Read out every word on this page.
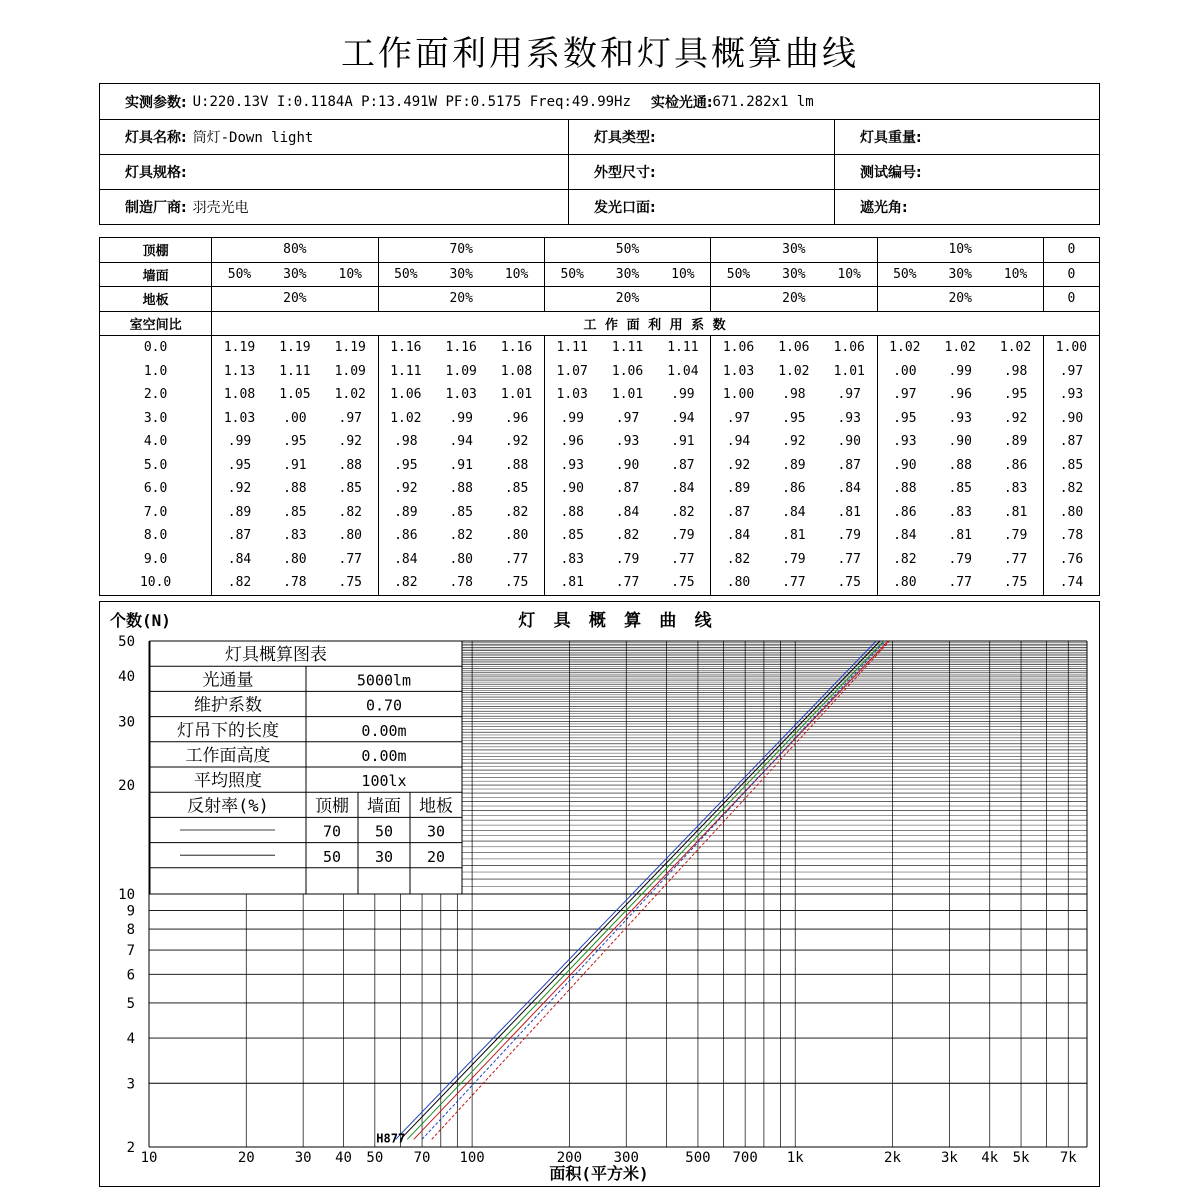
工作面利用系数和灯具概算曲线
实测参数: U:220.13V I:0.1184A P:13.491W PF:0.5175 Freq:49.99Hz 实检光通: 671.282x1 lm
灯具名称: 筒灯-Down light	灯具类型:	灯具重量:
灯具规格:	外型尺寸:	测试编号:
制造厂商: 羽壳光电	发光口面:	遮光角:
顶棚	80%			70%			50%			30%			10%			0
墙面	50%	30%	10%	50%	30%	10%	50%	30%	10%	50%	30%	10%	50%	30%	10%	0
地板	20%			20%			20%			20%			20%			0
室空间比	工 作 面 利 用 系 数															
0.0	1.19	1.19	1.19	1.16	1.16	1.16	1.11	1.11	1.11	1.06	1.06	1.06	1.02	1.02	1.02	1.00
1.0	1.13	1.11	1.09	1.11	1.09	1.08	1.07	1.06	1.04	1.03	1.02	1.01	.00	.99	.98	.97
2.0	1.08	1.05	1.02	1.06	1.03	1.01	1.03	1.01	.99	1.00	.98	.97	.97	.96	.95	.93
3.0	1.03	.00	.97	1.02	.99	.96	.99	.97	.94	.97	.95	.93	.95	.93	.92	.90
4.0	.99	.95	.92	.98	.94	.92	.96	.93	.91	.94	.92	.90	.93	.90	.89	.87
5.0	.95	.91	.88	.95	.91	.88	.93	.90	.87	.92	.89	.87	.90	.88	.86	.85
6.0	.92	.88	.85	.92	.88	.85	.90	.87	.84	.89	.86	.84	.88	.85	.83	.82
7.0	.89	.85	.82	.89	.85	.82	.88	.84	.82	.87	.84	.81	.86	.83	.81	.80
8.0	.87	.83	.80	.86	.82	.80	.85	.82	.79	.84	.81	.79	.84	.81	.79	.78
9.0	.84	.80	.77	.84	.80	.77	.83	.79	.77	.82	.79	.77	.82	.79	.77	.76
10.0	.82	.78	.75	.82	.78	.75	.81	.77	.75	.80	.77	.75	.80	.77	.75	.74
H877
2
3
4
5
6
7
8
9
10
20
30
40
50
10	20	30 40 50 70 100	200 300	500 700 1k	2k	3k 4k 5k 7k
个数(N)	灯 具 概 算 曲 线
面积(平方米)
灯具概算图表
光通量	5000lm
维护系数	0.70
灯吊下的长度	0.00m
工作面高度	0.00m
平均照度	100lx
反射率(%)	顶棚 墙面 地板
70 50 30
50 30 20
